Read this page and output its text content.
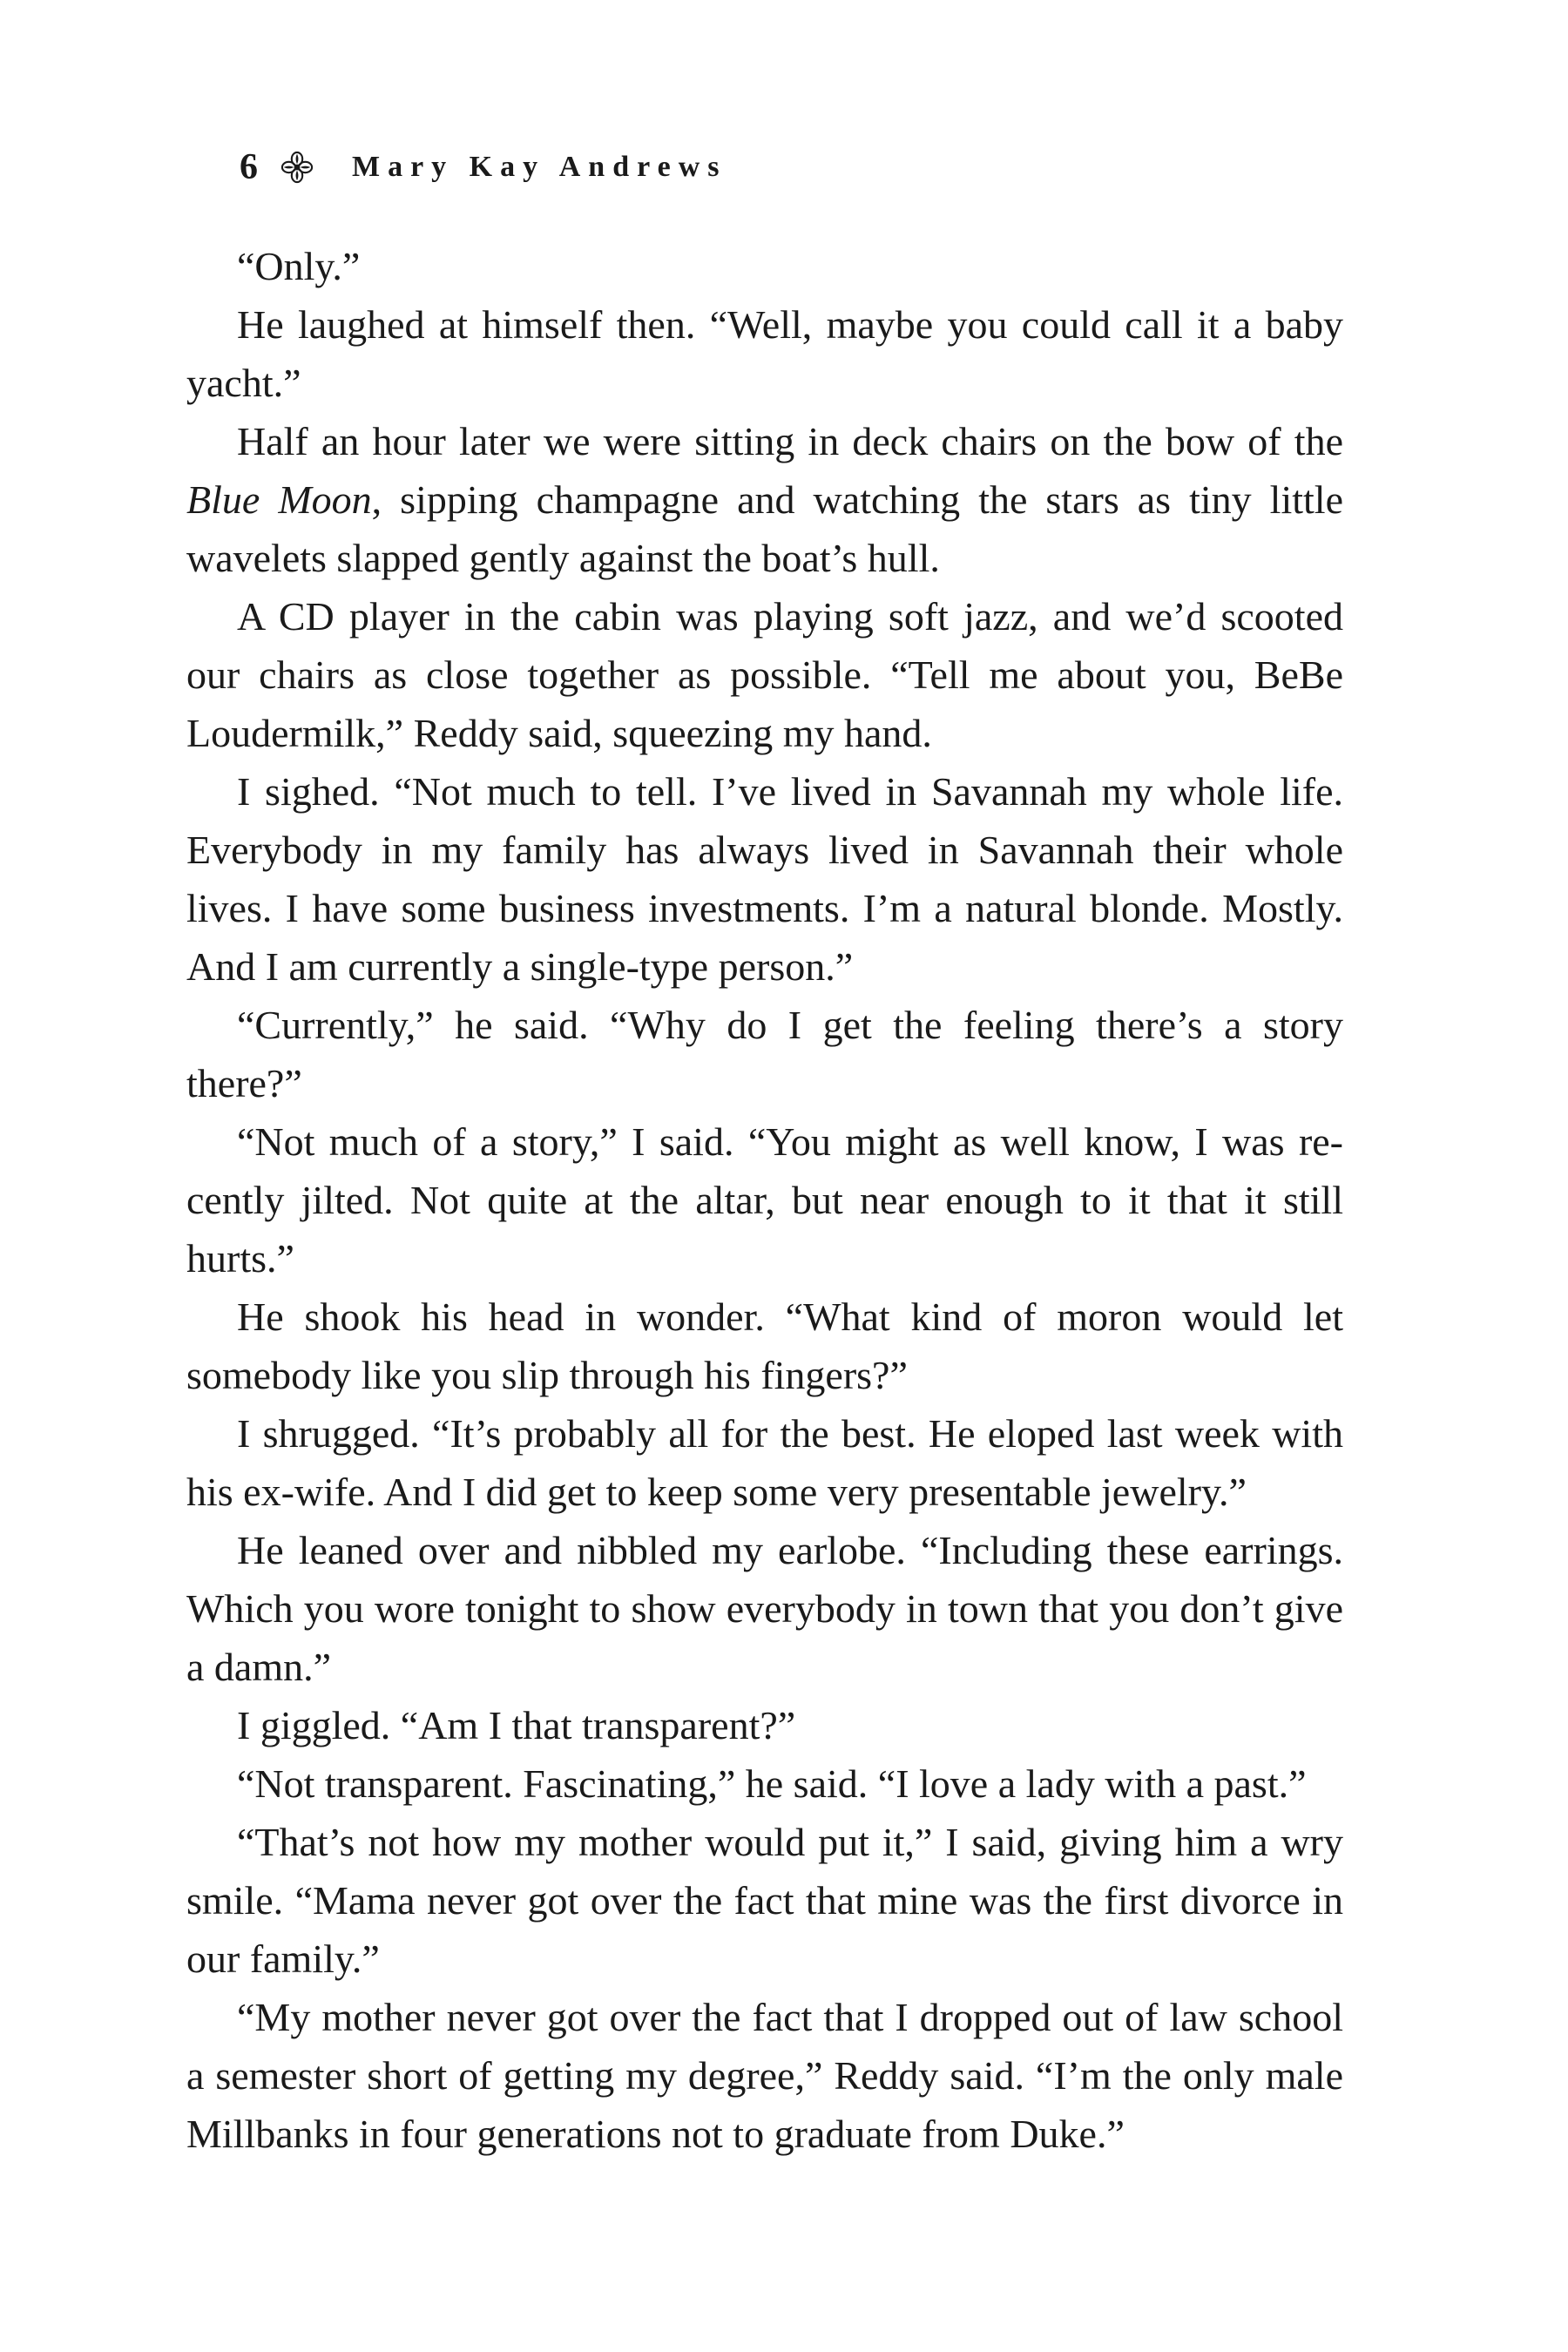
6	Mary Kay Andrews

“Only.”

He laughed at himself then. “Well, maybe you could call it a baby yacht.”

Half an hour later we were sitting in deck chairs on the bow of the Blue Moon, sipping champagne and watching the stars as tiny little wavelets slapped gently against the boat’s hull.

A CD player in the cabin was playing soft jazz, and we’d scooted our chairs as close together as possible. “Tell me about you, BeBe Loudermilk,” Reddy said, squeezing my hand.

I sighed. “Not much to tell. I’ve lived in Savannah my whole life. Everybody in my family has always lived in Savannah their whole lives. I have some business investments. I’m a natural blonde. Mostly. And I am currently a single-type person.”

“Currently,” he said. “Why do I get the feeling there’s a story there?”

“Not much of a story,” I said. “You might as well know, I was re-cently jilted. Not quite at the altar, but near enough to it that it still hurts.”

He shook his head in wonder. “What kind of moron would let somebody like you slip through his fingers?”

I shrugged. “It’s probably all for the best. He eloped last week with his ex-wife. And I did get to keep some very presentable jewelry.”

He leaned over and nibbled my earlobe. “Including these earrings. Which you wore tonight to show everybody in town that you don’t give a damn.”

I giggled. “Am I that transparent?”

“Not transparent. Fascinating,” he said. “I love a lady with a past.”

“That’s not how my mother would put it,” I said, giving him a wry smile. “Mama never got over the fact that mine was the first divorce in our family.”

“My mother never got over the fact that I dropped out of law school a semester short of getting my degree,” Reddy said. “I’m the only male Millbanks in four generations not to graduate from Duke.”
